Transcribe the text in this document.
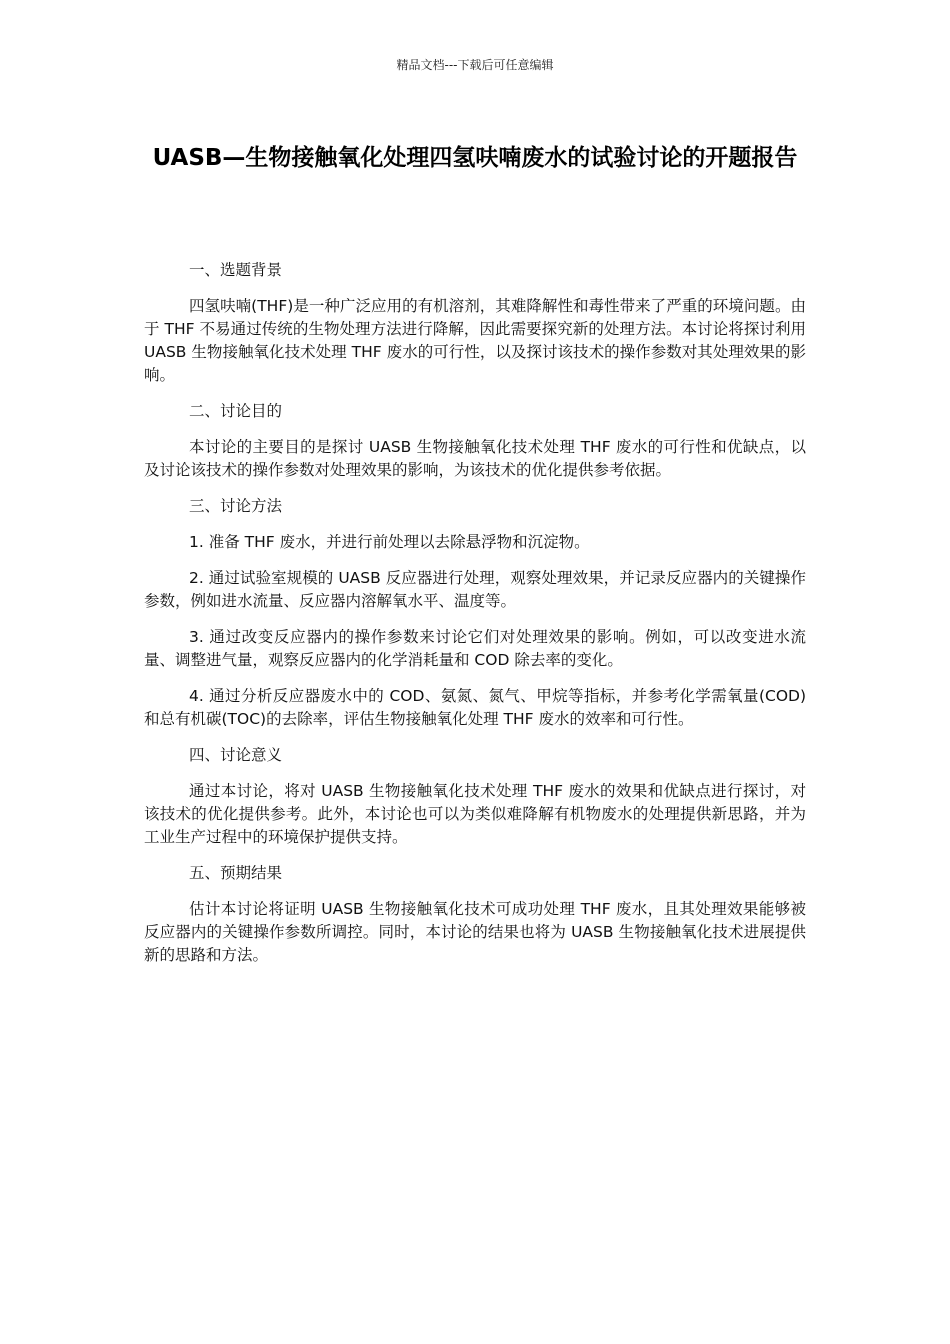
精品文档---下载后可任意编辑
UASB—生物接触氧化处理四氢呋喃废水的试验讨论的开题报告

一、选题背景

四氢呋喃(THF)是一种广泛应用的有机溶剂，其难降解性和毒性带来了严重的环境问题。由于 THF 不易通过传统的生物处理方法进行降解，因此需要探究新的处理方法。本讨论将探讨利用 UASB 生物接触氧化技术处理 THF 废水的可行性，以及探讨该技术的操作参数对其处理效果的影响。

二、讨论目的

本讨论的主要目的是探讨 UASB 生物接触氧化技术处理 THF 废水的可行性和优缺点，以及讨论该技术的操作参数对处理效果的影响，为该技术的优化提供参考依据。

三、讨论方法

1. 准备 THF 废水，并进行前处理以去除悬浮物和沉淀物。

2. 通过试验室规模的 UASB 反应器进行处理，观察处理效果，并记录反应器内的关键操作参数，例如进水流量、反应器内溶解氧水平、温度等。

3. 通过改变反应器内的操作参数来讨论它们对处理效果的影响。例如，可以改变进水流量、调整进气量，观察反应器内的化学消耗量和 COD 除去率的变化。

4. 通过分析反应器废水中的 COD、氨氮、氮气、甲烷等指标，并参考化学需氧量(COD)和总有机碳(TOC)的去除率，评估生物接触氧化处理 THF 废水的效率和可行性。

四、讨论意义

通过本讨论，将对 UASB 生物接触氧化技术处理 THF 废水的效果和优缺点进行探讨，对该技术的优化提供参考。此外，本讨论也可以为类似难降解有机物废水的处理提供新思路，并为工业生产过程中的环境保护提供支持。

五、预期结果

估计本讨论将证明 UASB 生物接触氧化技术可成功处理 THF 废水，且其处理效果能够被反应器内的关键操作参数所调控。同时，本讨论的结果也将为 UASB 生物接触氧化技术进展提供新的思路和方法。
